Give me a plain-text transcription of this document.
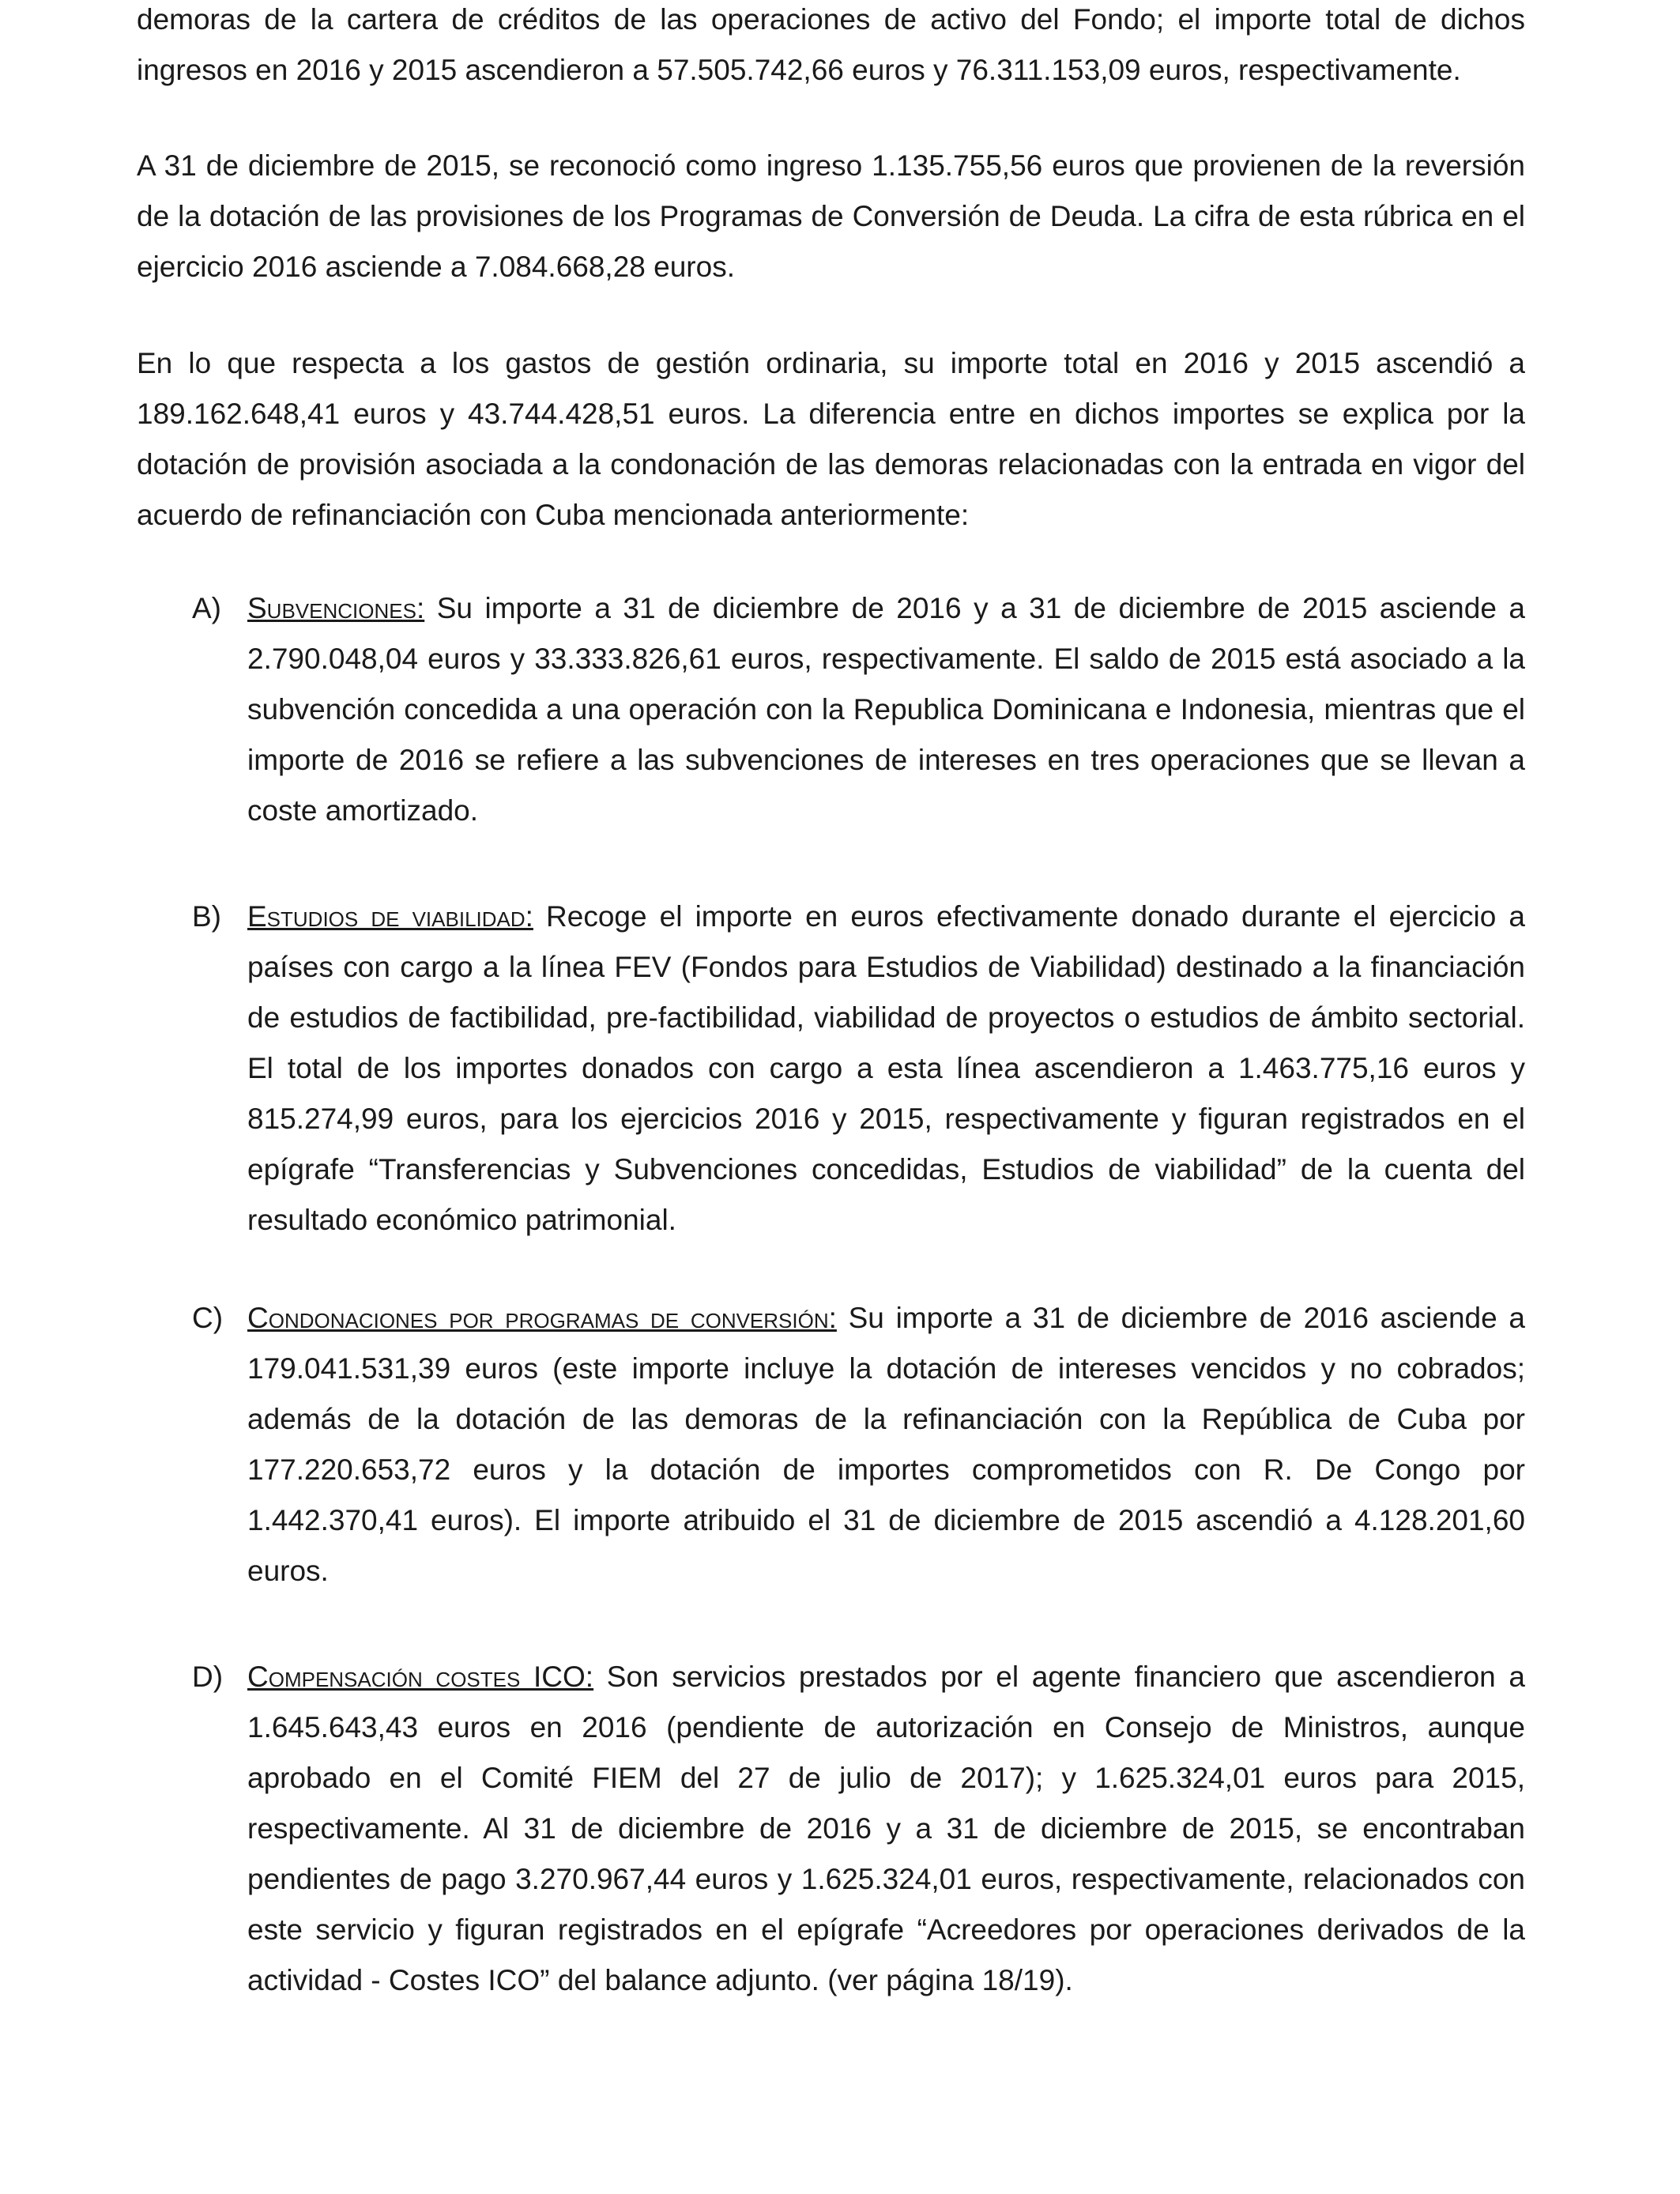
demoras de la cartera de créditos de las operaciones de activo del Fondo; el importe total de dichos ingresos en 2016 y 2015 ascendieron a 57.505.742,66 euros y 76.311.153,09 euros, respectivamente.

A 31 de diciembre de 2015, se reconoció como ingreso 1.135.755,56 euros que provienen de la reversión de la dotación de las provisiones de los Programas de Conversión de Deuda. La cifra de esta rúbrica en el ejercicio 2016 asciende a 7.084.668,28 euros.

En lo que respecta a los gastos de gestión ordinaria, su importe total en 2016 y 2015 ascendió a 189.162.648,41 euros y 43.744.428,51 euros. La diferencia entre en dichos importes se explica por la dotación de provisión asociada a la condonación de las demoras relacionadas con la entrada en vigor del acuerdo de refinanciación con Cuba mencionada anteriormente:

A) Subvenciones: Su importe a 31 de diciembre de 2016 y a 31 de diciembre de 2015 asciende a 2.790.048,04 euros y 33.333.826,61 euros, respectivamente. El saldo de 2015 está asociado a la subvención concedida a una operación con la Republica Dominicana e Indonesia, mientras que el importe de 2016 se refiere a las subvenciones de intereses en tres operaciones que se llevan a coste amortizado.
B) Estudios de viabilidad: Recoge el importe en euros efectivamente donado durante el ejercicio a países con cargo a la línea FEV (Fondos para Estudios de Viabilidad) destinado a la financiación de estudios de factibilidad, pre-factibilidad, viabilidad de proyectos o estudios de ámbito sectorial. El total de los importes donados con cargo a esta línea ascendieron a 1.463.775,16 euros y 815.274,99 euros, para los ejercicios 2016 y 2015, respectivamente y figuran registrados en el epígrafe “Transferencias y Subvenciones concedidas, Estudios de viabilidad” de la cuenta del resultado económico patrimonial.
C) Condonaciones por programas de conversión: Su importe a 31 de diciembre de 2016 asciende a 179.041.531,39 euros (este importe incluye la dotación de intereses vencidos y no cobrados; además de la dotación de las demoras de la refinanciación con la República de Cuba por 177.220.653,72 euros y la dotación de importes comprometidos con R. De Congo por 1.442.370,41 euros). El importe atribuido el 31 de diciembre de 2015 ascendió a 4.128.201,60 euros.
D) Compensación costes ICO: Son servicios prestados por el agente financiero que ascendieron a 1.645.643,43 euros en 2016 (pendiente de autorización en Consejo de Ministros, aunque aprobado en el Comité FIEM del 27 de julio de 2017); y 1.625.324,01 euros para 2015, respectivamente. Al 31 de diciembre de 2016 y a 31 de diciembre de 2015, se encontraban pendientes de pago 3.270.967,44 euros y 1.625.324,01 euros, respectivamente, relacionados con este servicio y figuran registrados en el epígrafe “Acreedores por operaciones derivados de la actividad - Costes ICO” del balance adjunto. (ver página 18/19).
